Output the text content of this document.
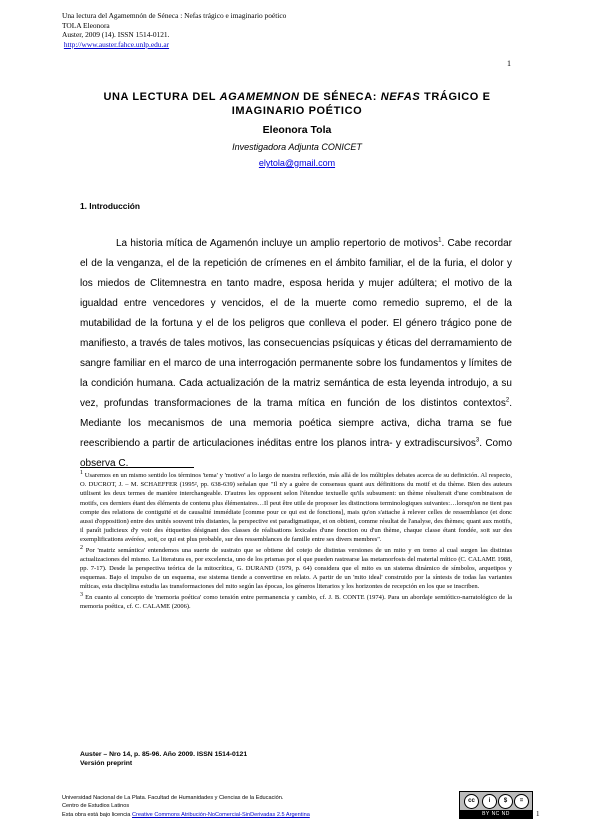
Una lectura del Agamemnón de Séneca : Nefas trágico e imaginario poético
TOLA Eleonora
Auster, 2009 (14). ISSN 1514-0121.
http://www.auster.fahce.unlp.edu.ar
1
UNA LECTURA DEL AGAMEMNON DE SÉNECA: NEFAS TRÁGICO E
IMAGINARIO POÉTICO
Eleonora Tola
Investigadora Adjunta CONICET
elytola@gmail.com
1. Introducción

La historia mítica de Agamenón incluye un amplio repertorio de motivos$^1$. Cabe recordar el de la venganza, el de la repetición de crímenes en el ámbito familiar, el de la furia, el dolor y los miedos de Clitemnestra en tanto madre, esposa herida y mujer adúltera; el motivo de la igualdad entre vencedores y vencidos, el de la muerte como remedio supremo, el de la mutabilidad de la fortuna y el de los peligros que conlleva el poder. El género trágico pone de manifiesto, a través de tales motivos, las consecuencias psíquicas y éticas del derramamiento de sangre familiar en el marco de una interrogación permanente sobre los fundamentos y límites de la condición humana. Cada actualización de la matriz semántica de esta leyenda introdujo, a su vez, profundas transformaciones de la trama mítica en función de los distintos contextos$^2$. Mediante los mecanismos de una memoria poética siempre activa, dicha trama se fue reescribiendo a partir de articulaciones inéditas entre los planos intra- y extradiscursivos$^3$. Como observa C.

$^1$ Usaremos en un mismo sentido los términos 'tema' y 'motivo' a lo largo de nuestra reflexión, más allá de los múltiples debates acerca de su definición. Al respecto, O. DUCROT, J. – M. SCHAEFFER (1995², pp. 638-639) señalan que "Il n'y a guère de consensus quant aux définitions du motif et du thème. Bien des auteurs utilisent les deux termes de manière interchangeable. D'autres les opposent selon l'étendue textuelle qu'ils subsument: un thème résulterait d'une combinaison de motifs, ces derniers étant des éléments de contenu plus élémentaires…Il peut être utile de proposer les distinctions terminologiques suivantes:…lorsqu'on ne tient pas compte des relations de contiguïté et de causalité immédiate [comme pour ce qui est de fonctions], mais qu'on s'attache à relever celles de ressemblance (et donc aussi d'opposition) entre des unités souvent très distantes, la perspective est paradigmatique, et on obtient, comme résultat de l'analyse, des thèmes; quant aux motifs, il paraît judicieux d'y voir des étiquettes désignant des classes de réalisations lexicales d'une fonction ou d'un thème, chaque classe étant fondée, soit sur des exemplifications avérées, soit, ce qui est plus probable, sur des ressemblances de famille entre ses divers membres".

$^2$ Por 'matriz semántica' entendemos una suerte de sustrato que se obtiene del cotejo de distintas versiones de un mito y en torno al cual surgen las distintas actualizaciones del mismo. La literatura es, por excelencia, uno de los prismas por el que pueden rastrearse las metamorfosis del material mítico (C. CALAME 1988, pp. 7-17). Desde la perspectiva teórica de la mitocrítica, G. DURAND (1979, p. 64) considera que el mito es un sistema dinámico de símbolos, arquetipos y esquemas. Bajo el impulso de un esquema, ese sistema tiende a convertirse en relato. A partir de un 'mito ideal' construido por la síntesis de todas las variantes míticas, esta disciplina estudia las transformaciones del mito según las épocas, los géneros literarios y los horizontes de recepción en los que se inscriben.

$^3$ En cuanto al concepto de 'memoria poética' como tensión entre permanencia y cambio, cf. J. B. CONTE (1974). Para un abordaje semiótico-narratológico de la memoria poética, cf. C. CALAME (2006).

Auster – Nro 14, p. 85-96. Año 2009. ISSN 1514-0121
Versión preprint
Universidad Nacional de La Plata. Facultad de Humanidades y Ciencias de la Educación.
Centro de Estudios Latinos
Esta obra está bajo licencia Creative Commons Atribución-NoComercial-SinDerivadas 2.5 Argentina
cc	i	$	=
BY NC ND	1
